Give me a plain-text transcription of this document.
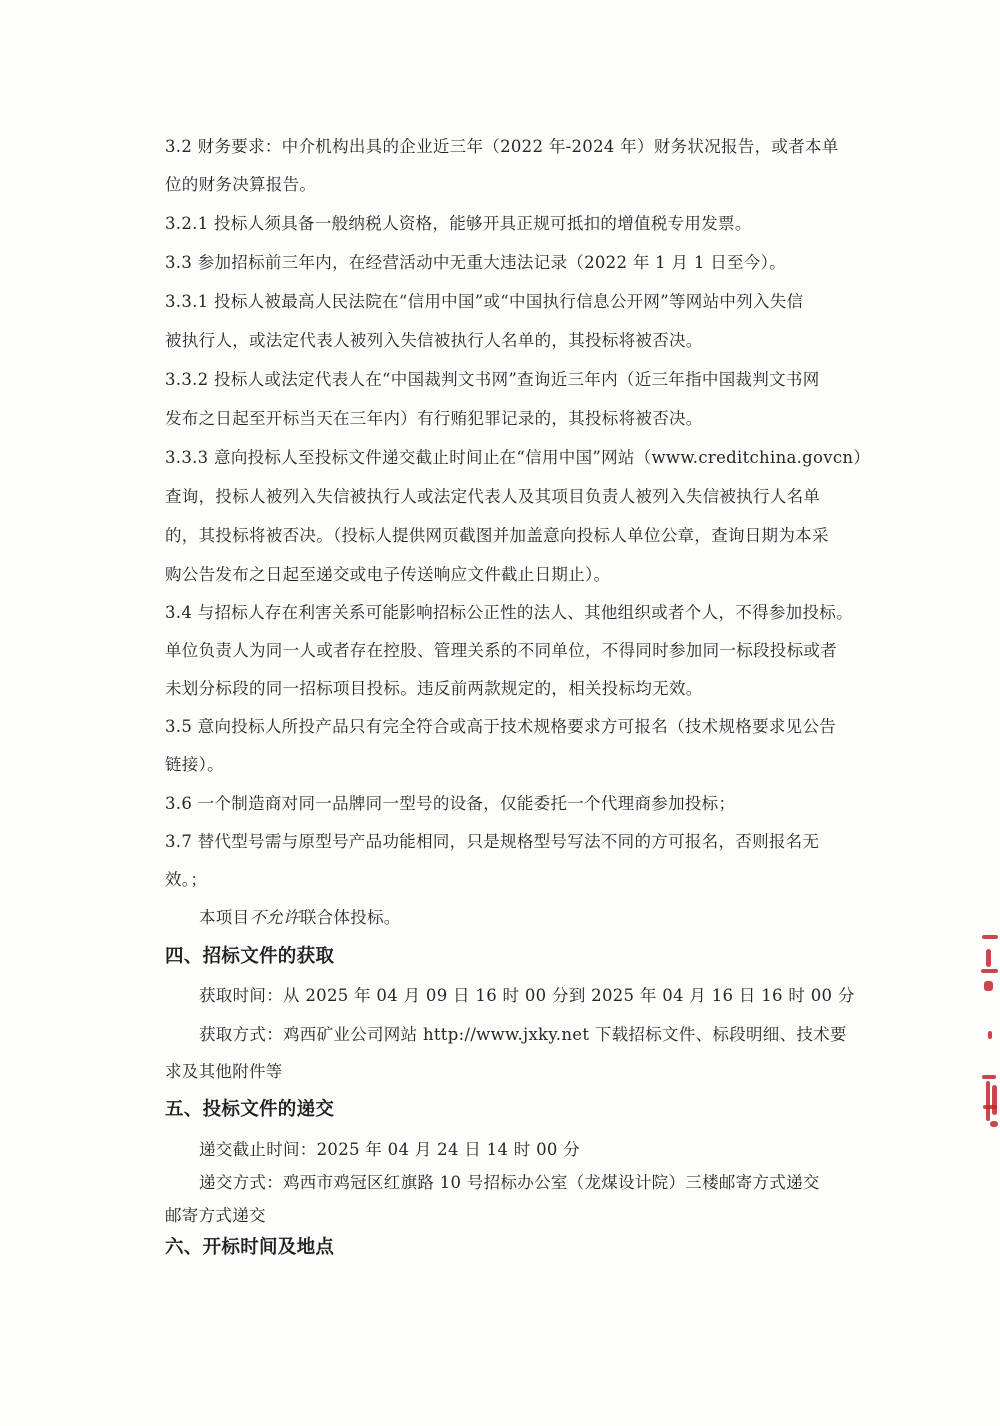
3.2 财务要求：中介机构出具的企业近三年（2022 年-2024 年）财务状况报告，或者本单
位的财务决算报告。
3.2.1 投标人须具备一般纳税人资格，能够开具正规可抵扣的增值税专用发票。
3.3 参加招标前三年内，在经营活动中无重大违法记录（2022 年 1 月 1 日至今）。
3.3.1 投标人被最高人民法院在“信用中国”或“中国执行信息公开网”等网站中列入失信
被执行人，或法定代表人被列入失信被执行人名单的，其投标将被否决。
3.3.2 投标人或法定代表人在“中国裁判文书网”查询近三年内（近三年指中国裁判文书网
发布之日起至开标当天在三年内）有行贿犯罪记录的，其投标将被否决。
3.3.3 意向投标人至投标文件递交截止时间止在“信用中国”网站（www.creditchina.govcn）
查询，投标人被列入失信被执行人或法定代表人及其项目负责人被列入失信被执行人名单
的，其投标将被否决。（投标人提供网页截图并加盖意向投标人单位公章，查询日期为本采
购公告发布之日起至递交或电子传送响应文件截止日期止）。
3.4 与招标人存在利害关系可能影响招标公正性的法人、其他组织或者个人，不得参加投标。
单位负责人为同一人或者存在控股、管理关系的不同单位，不得同时参加同一标段投标或者
未划分标段的同一招标项目投标。违反前两款规定的，相关投标均无效。
3.5 意向投标人所投产品只有完全符合或高于技术规格要求方可报名（技术规格要求见公告
链接）。
3.6 一个制造商对同一品牌同一型号的设备，仅能委托一个代理商参加投标；
3.7 替代型号需与原型号产品功能相同，只是规格型号写法不同的方可报名，否则报名无
效。；
本项目不允许联合体投标。
四、招标文件的获取
获取时间：从 2025 年 04 月 09 日 16 时 00 分到 2025 年 04 月 16 日 16 时 00 分
获取方式：鸡西矿业公司网站 http://www.jxky.net 下载招标文件、标段明细、技术要
求及其他附件等
五、投标文件的递交
递交截止时间：2025 年 04 月 24 日 14 时 00 分
递交方式：鸡西市鸡冠区红旗路 10 号招标办公室（龙煤设计院）三楼邮寄方式递交
邮寄方式递交
六、开标时间及地点
